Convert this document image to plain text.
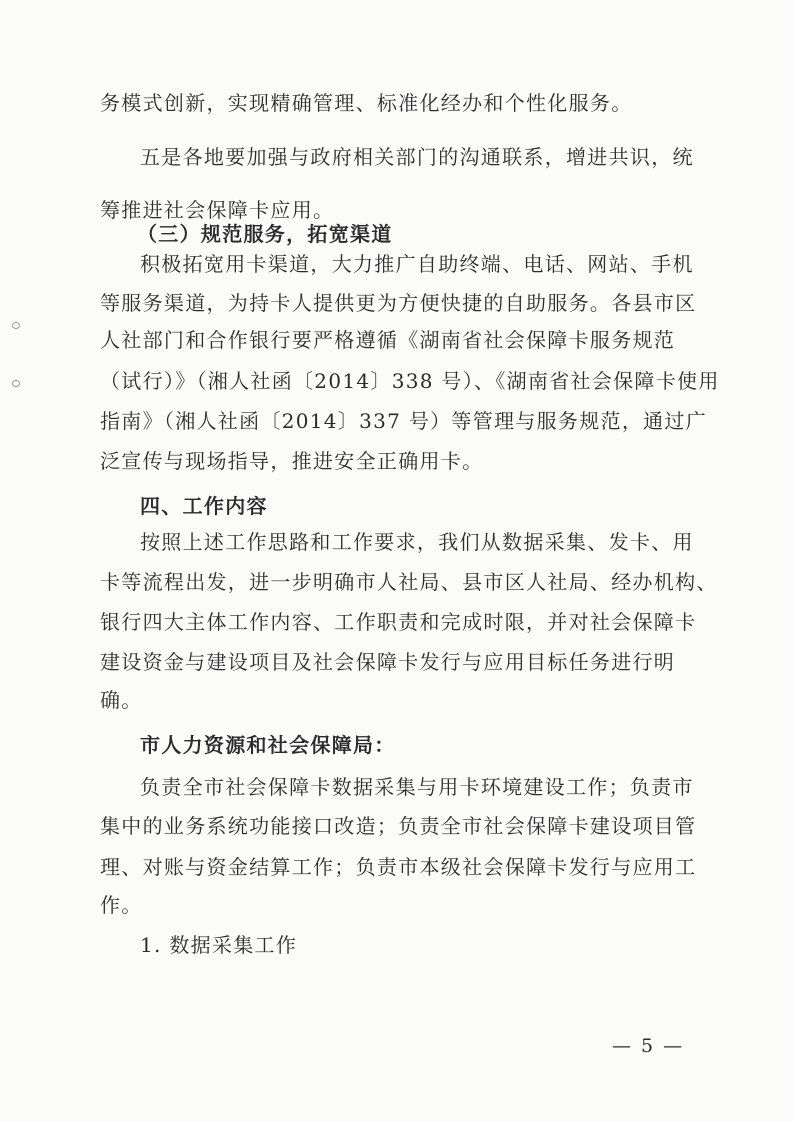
务模式创新，实现精确管理、标准化经办和个性化服务。
五是各地要加强与政府相关部门的沟通联系，增进共识，统
筹推进社会保障卡应用。
（三）规范服务，拓宽渠道
积极拓宽用卡渠道，大力推广自助终端、电话、网站、手机
等服务渠道，为持卡人提供更为方便快捷的自助服务。各县市区
人社部门和合作银行要严格遵循《湖南省社会保障卡服务规范
（试行）》（湘人社函〔2014〕338 号）、《湖南省社会保障卡使用
指南》（湘人社函〔2014〕337 号）等管理与服务规范，通过广
泛宣传与现场指导，推进安全正确用卡。
四、工作内容
按照上述工作思路和工作要求，我们从数据采集、发卡、用
卡等流程出发，进一步明确市人社局、县市区人社局、经办机构、
银行四大主体工作内容、工作职责和完成时限，并对社会保障卡
建设资金与建设项目及社会保障卡发行与应用目标任务进行明
确。
市人力资源和社会保障局：
负责全市社会保障卡数据采集与用卡环境建设工作；负责市
集中的业务系统功能接口改造；负责全市社会保障卡建设项目管
理、对账与资金结算工作；负责市本级社会保障卡发行与应用工
作。
1. 数据采集工作
— 5 —
